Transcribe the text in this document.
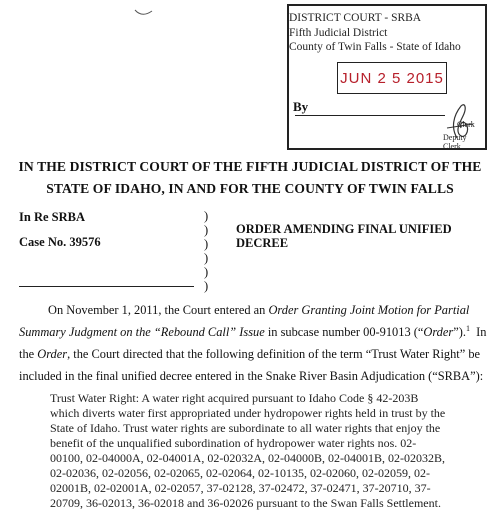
DISTRICT COURT - SRBA
Fifth Judicial District
County of Twin Falls - State of Idaho
JUN 2 5 2015
By
Clerk
Deputy Clerk
IN THE DISTRICT COURT OF THE FIFTH JUDICIAL DISTRICT OF THE
STATE OF IDAHO, IN AND FOR THE COUNTY OF TWIN FALLS
In Re SRBA
Case No. 39576
)
)
)
)
)
)
ORDER AMENDING FINAL UNIFIED
DECREE
On November 1, 2011, the Court entered an Order Granting Joint Motion for Partial
Summary Judgment on the “Rebound Call” Issue in subcase number 00-91013 (“Order”).$^1$  In
the Order, the Court directed that the following definition of the term “Trust Water Right” be
included in the final unified decree entered in the Snake River Basin Adjudication (“SRBA”):
Trust Water Right: A water right acquired pursuant to Idaho Code § 42-203B
which diverts water first appropriated under hydropower rights held in trust by the
State of Idaho. Trust water rights are subordinate to all water rights that enjoy the
benefit of the unqualified subordination of hydropower water rights nos. 02-
00100, 02-04000A, 02-04001A, 02-02032A, 02-04000B, 02-04001B, 02-02032B,
02-02036, 02-02056, 02-02065, 02-02064, 02-10135, 02-02060, 02-02059, 02-
02001B, 02-02001A, 02-02057, 37-02128, 37-02472, 37-02471, 37-20710, 37-
20709, 36-02013, 36-02018 and 36-02026 pursuant to the Swan Falls Settlement.
